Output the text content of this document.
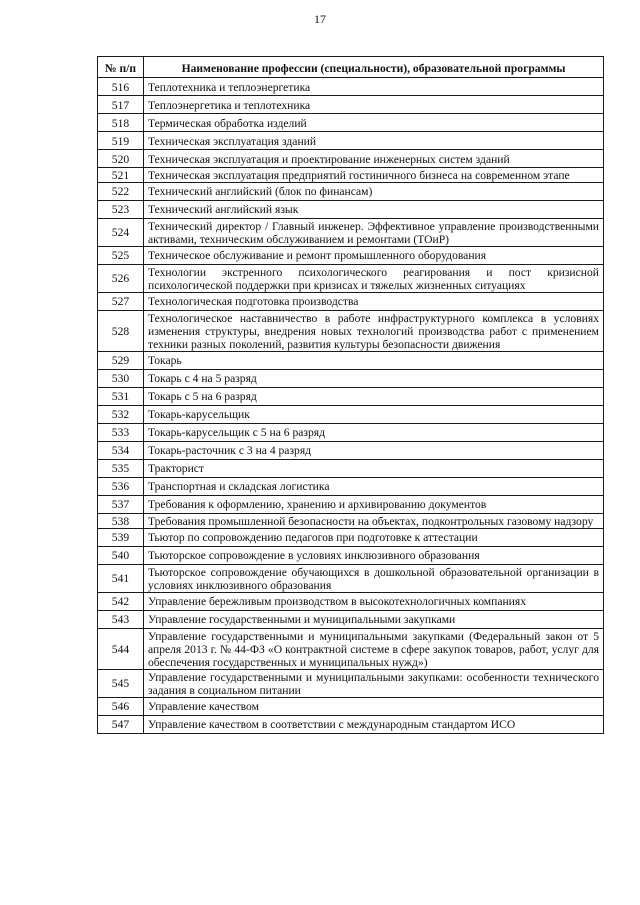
17
№ п/п	Наименование профессии (специальности), образовательной программы
516	Теплотехника и теплоэнергетика
517	Теплоэнергетика и теплотехника
518	Термическая обработка изделий
519	Техническая эксплуатация зданий
520	Техническая эксплуатация и проектирование инженерных систем зданий
521	Техническая эксплуатация предприятий гостиничного бизнеса на современном этапе
522	Технический английский (блок по финансам)
523	Технический английский язык
524	Технический директор / Главный инженер. Эффективное управление производственными активами, техническим обслуживанием и ремонтами (ТОиР)
525	Техническое обслуживание и ремонт промышленного оборудования
526	Технологии экстренного психологического реагирования и пост кризисной психологической поддержки при кризисах и тяжелых жизненных ситуациях
527	Технологическая подготовка производства
528	Технологическое наставничество в работе инфраструктурного комплекса в условиях изменения структуры, внедрения новых технологий производства работ с применением техники разных поколений, развития культуры безопасности движения
529	Токарь
530	Токарь с 4 на 5 разряд
531	Токарь с 5 на 6 разряд
532	Токарь-карусельщик
533	Токарь-карусельщик с 5 на 6 разряд
534	Токарь-расточник с 3 на 4 разряд
535	Тракторист
536	Транспортная и складская логистика
537	Требования к оформлению, хранению и архивированию документов
538	Требования промышленной безопасности на объектах, подконтрольных газовому надзору
539	Тьютор по сопровождению педагогов при подготовке к аттестации
540	Тьюторское сопровождение в условиях инклюзивного образования
541	Тьюторское сопровождение обучающихся в дошкольной образовательной организации в условиях инклюзивного образования
542	Управление бережливым производством в высокотехнологичных компаниях
543	Управление государственными и муниципальными закупками
544	Управление государственными и муниципальными закупками (Федеральный закон от 5 апреля 2013 г. № 44-ФЗ «О контрактной системе в сфере закупок товаров, работ, услуг для обеспечения государственных и муниципальных нужд»)
545	Управление государственными и муниципальными закупками: особенности технического задания в социальном питании
546	Управление качеством
547	Управление качеством в соответствии с международным стандартом ИСО
